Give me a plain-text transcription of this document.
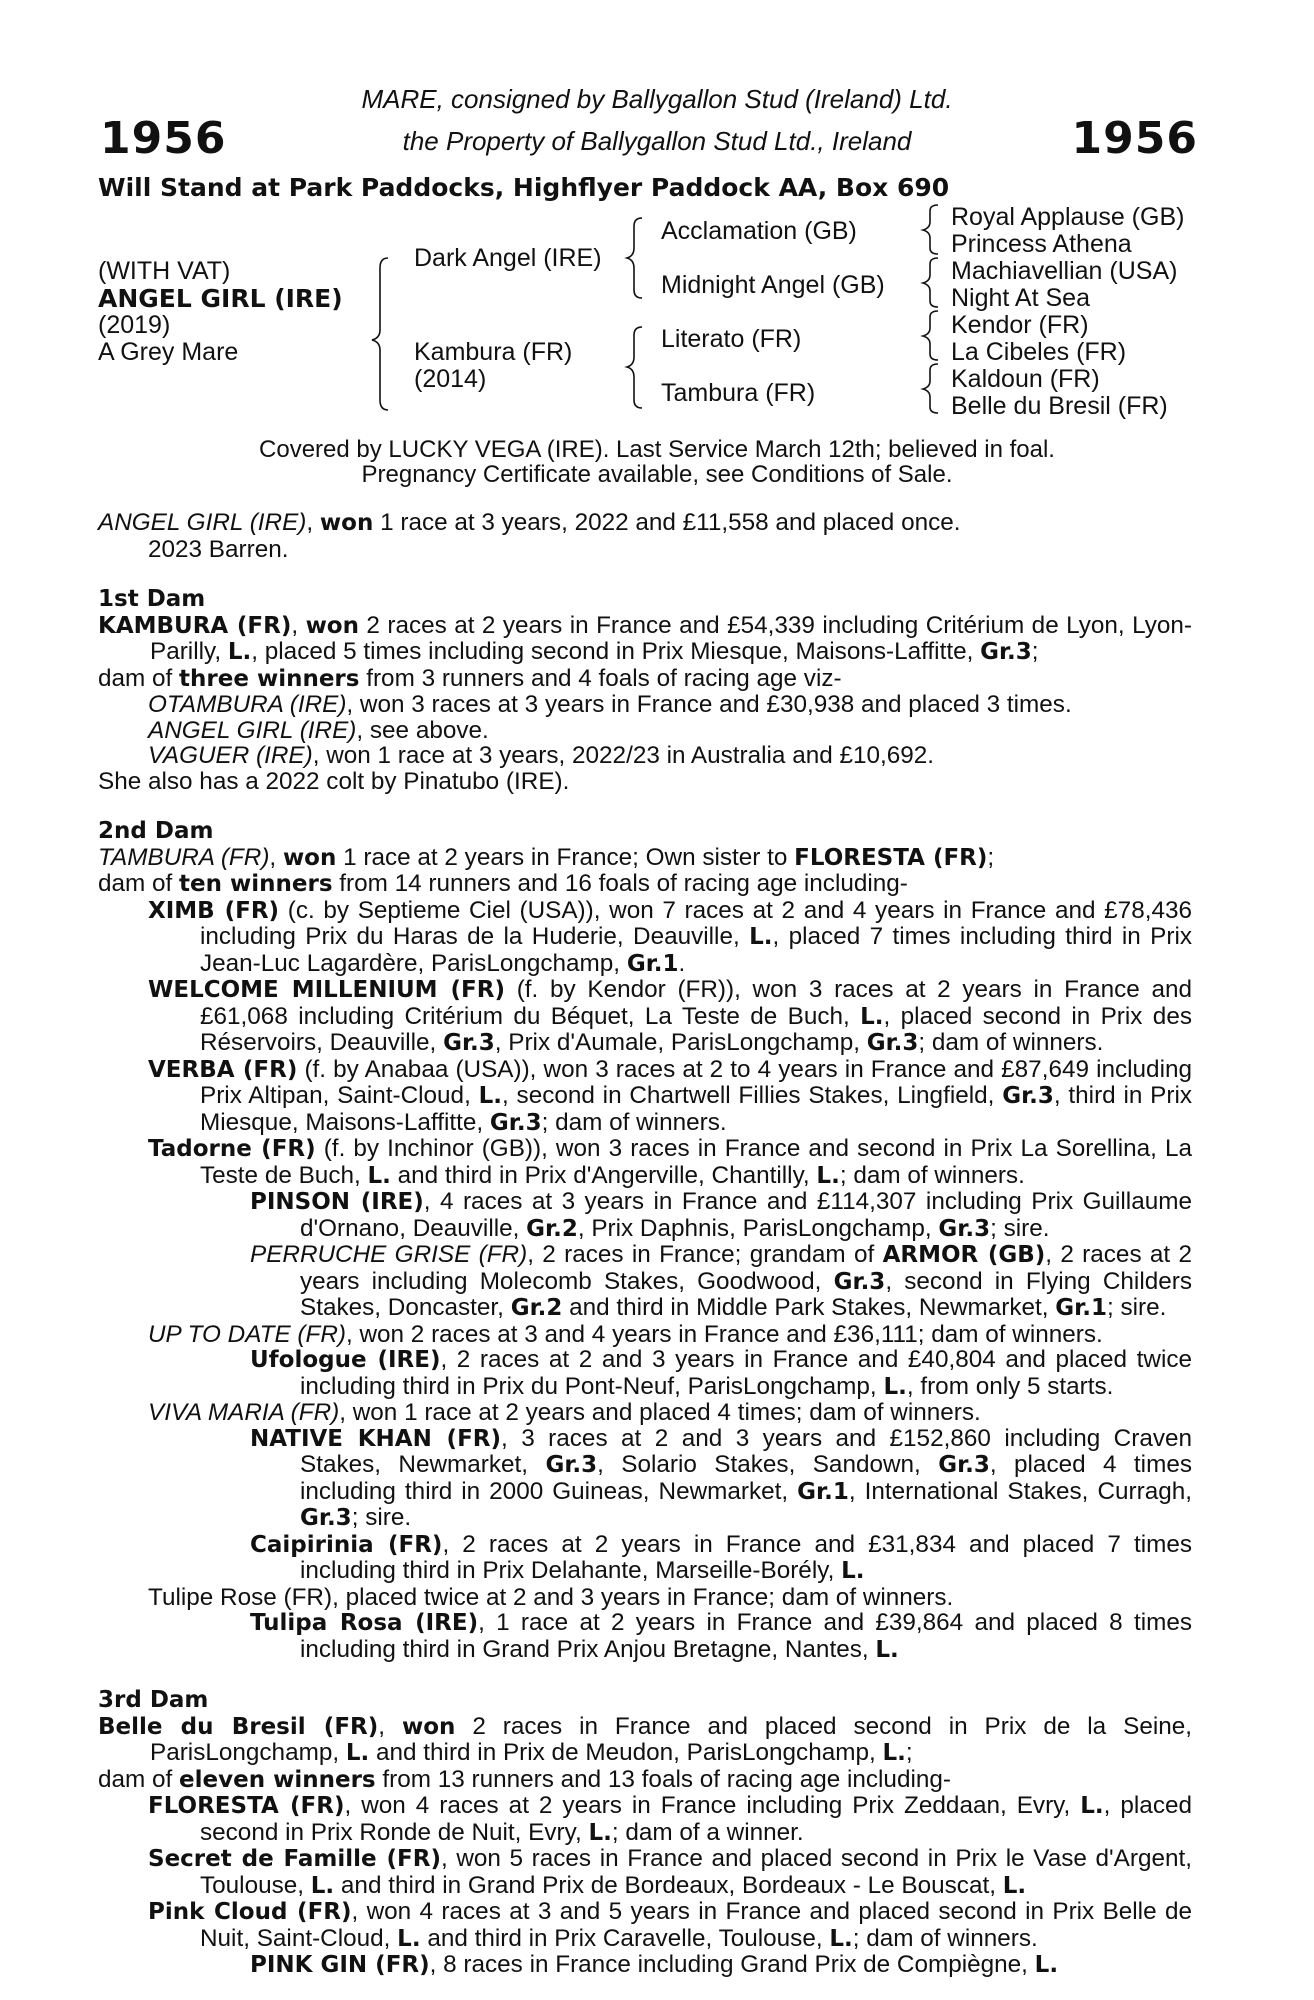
MARE, consigned by Ballygallon Stud (Ireland) Ltd.
the Property of Ballygallon Stud Ltd., Ireland
1956	1956
Will Stand at Park Paddocks, Highflyer Paddock AA, Box 690
(WITH VAT)
ANGEL GIRL (IRE)
(2019)
A Grey Mare
Dark Angel (IRE)
Kambura (FR)
(2014)
Acclamation (GB)
Midnight Angel (GB)
Literato (FR)
Tambura (FR)
Royal Applause (GB)
Princess Athena
Machiavellian (USA)
Night At Sea
Kendor (FR)
La Cibeles (FR)
Kaldoun (FR)
Belle du Bresil (FR)
Covered by LUCKY VEGA (IRE). Last Service March 12th; believed in foal.
Pregnancy Certificate available, see Conditions of Sale.

ANGEL GIRL (IRE), won 1 race at 3 years, 2022 and £11,558 and placed once.

2023 Barren.

1st Dam

KAMBURA (FR), won 2 races at 2 years in France and £54,339 including Critérium de Lyon, Lyon-Parilly, L., placed 5 times including second in Prix Miesque, Maisons-Laffitte, Gr.3;

dam of three winners from 3 runners and 4 foals of racing age viz-

OTAMBURA (IRE), won 3 races at 3 years in France and £30,938 and placed 3 times.

ANGEL GIRL (IRE), see above.

VAGUER (IRE), won 1 race at 3 years, 2022/23 in Australia and £10,692.

She also has a 2022 colt by Pinatubo (IRE).

2nd Dam

TAMBURA (FR), won 1 race at 2 years in France; Own sister to FLORESTA (FR);

dam of ten winners from 14 runners and 16 foals of racing age including-

XIMB (FR) (c. by Septieme Ciel (USA)), won 7 races at 2 and 4 years in France and £78,436 including Prix du Haras de la Huderie, Deauville, L., placed 7 times including third in Prix Jean-Luc Lagardère, ParisLongchamp, Gr.1.

WELCOME MILLENIUM (FR) (f. by Kendor (FR)), won 3 races at 2 years in France and £61,068 including Critérium du Béquet, La Teste de Buch, L., placed second in Prix des Réservoirs, Deauville, Gr.3, Prix d'Aumale, ParisLongchamp, Gr.3; dam of winners.

VERBA (FR) (f. by Anabaa (USA)), won 3 races at 2 to 4 years in France and £87,649 including Prix Altipan, Saint-Cloud, L., second in Chartwell Fillies Stakes, Lingfield, Gr.3, third in Prix Miesque, Maisons-Laffitte, Gr.3; dam of winners.

Tadorne (FR) (f. by Inchinor (GB)), won 3 races in France and second in Prix La Sorellina, La Teste de Buch, L. and third in Prix d'Angerville, Chantilly, L.; dam of winners.

PINSON (IRE), 4 races at 3 years in France and £114,307 including Prix Guillaume d'Ornano, Deauville, Gr.2, Prix Daphnis, ParisLongchamp, Gr.3; sire.

PERRUCHE GRISE (FR), 2 races in France; grandam of ARMOR (GB), 2 races at 2 years including Molecomb Stakes, Goodwood, Gr.3, second in Flying Childers Stakes, Doncaster, Gr.2 and third in Middle Park Stakes, Newmarket, Gr.1; sire.

UP TO DATE (FR), won 2 races at 3 and 4 years in France and £36,111; dam of winners.

Ufologue (IRE), 2 races at 2 and 3 years in France and £40,804 and placed twice including third in Prix du Pont-Neuf, ParisLongchamp, L., from only 5 starts.

VIVA MARIA (FR), won 1 race at 2 years and placed 4 times; dam of winners.

NATIVE KHAN (FR), 3 races at 2 and 3 years and £152,860 including Craven Stakes, Newmarket, Gr.3, Solario Stakes, Sandown, Gr.3, placed 4 times including third in 2000 Guineas, Newmarket, Gr.1, International Stakes, Curragh, Gr.3; sire.

Caipirinia (FR), 2 races at 2 years in France and £31,834 and placed 7 times including third in Prix Delahante, Marseille-Borély, L.

Tulipe Rose (FR), placed twice at 2 and 3 years in France; dam of winners.

Tulipa Rosa (IRE), 1 race at 2 years in France and £39,864 and placed 8 times including third in Grand Prix Anjou Bretagne, Nantes, L.

3rd Dam

Belle du Bresil (FR), won 2 races in France and placed second in Prix de la Seine, ParisLongchamp, L. and third in Prix de Meudon, ParisLongchamp, L.;

dam of eleven winners from 13 runners and 13 foals of racing age including-

FLORESTA (FR), won 4 races at 2 years in France including Prix Zeddaan, Evry, L., placed second in Prix Ronde de Nuit, Evry, L.; dam of a winner.

Secret de Famille (FR), won 5 races in France and placed second in Prix le Vase d'Argent, Toulouse, L. and third in Grand Prix de Bordeaux, Bordeaux - Le Bouscat, L.

Pink Cloud (FR), won 4 races at 3 and 5 years in France and placed second in Prix Belle de Nuit, Saint-Cloud, L. and third in Prix Caravelle, Toulouse, L.; dam of winners.

PINK GIN (FR), 8 races in France including Grand Prix de Compiègne, L.
